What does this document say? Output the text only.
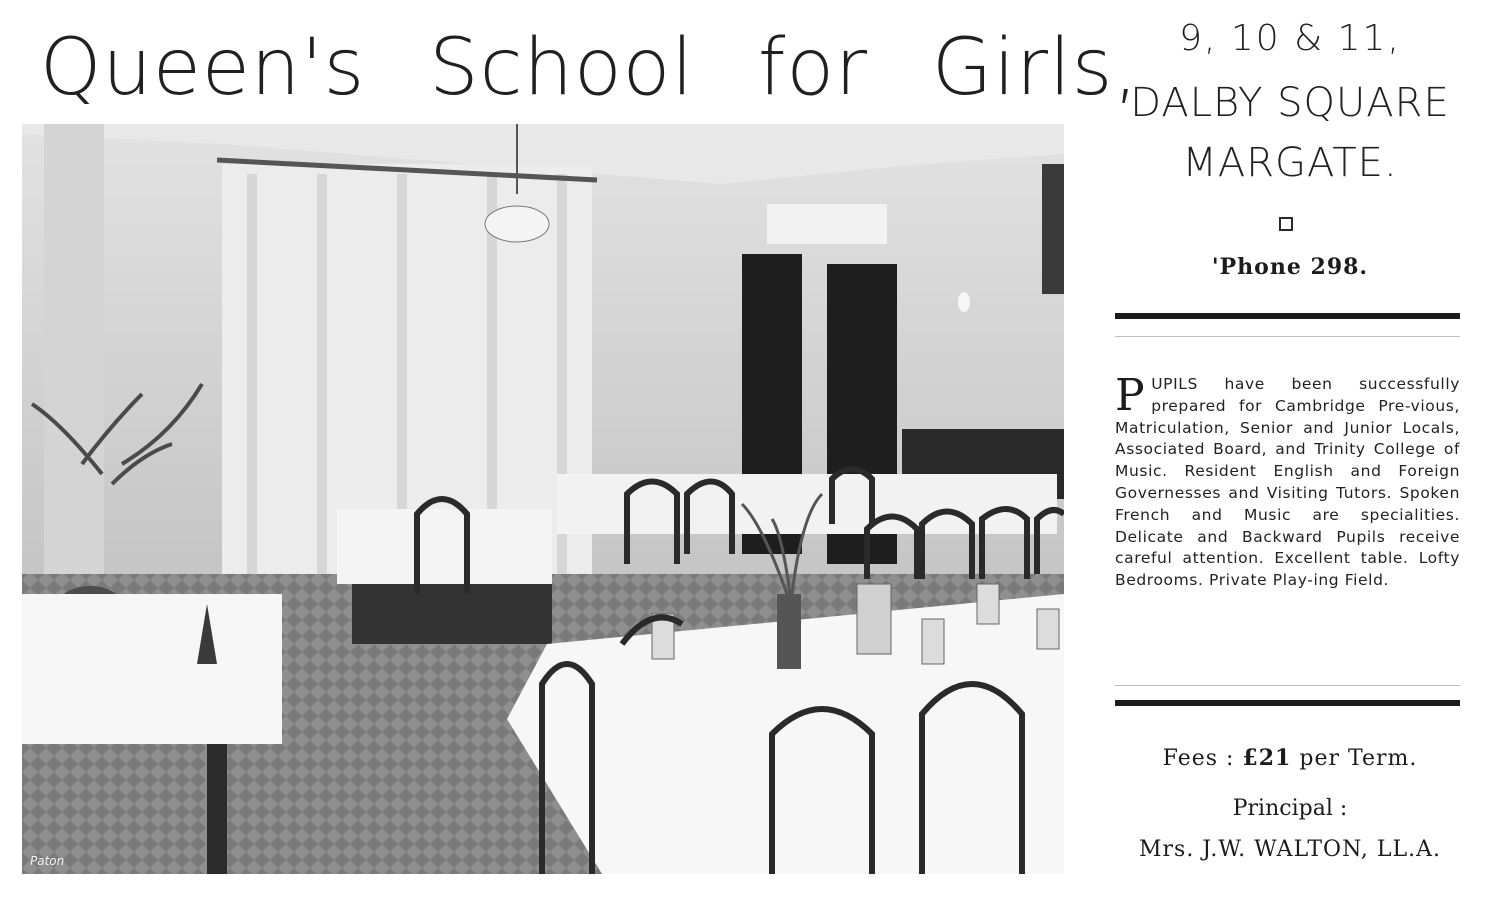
Queen's School for Girls,
Paton
9, 10 & 11,
DALBY SQUARE
MARGATE.
'Phone 298.
PUPILS have been successfully prepared for Cambridge Pre-vious, Matriculation, Senior and Junior Locals, Associated Board, and Trinity College of Music. Resident English and Foreign Governesses and Visiting Tutors. Spoken French and Music are specialities. Delicate and Backward Pupils receive careful attention. Excellent table. Lofty Bedrooms. Private Play-ing Field.
Fees : £21 per Term.
Principal :
Mrs. J.W. WALTON, LL.A.
